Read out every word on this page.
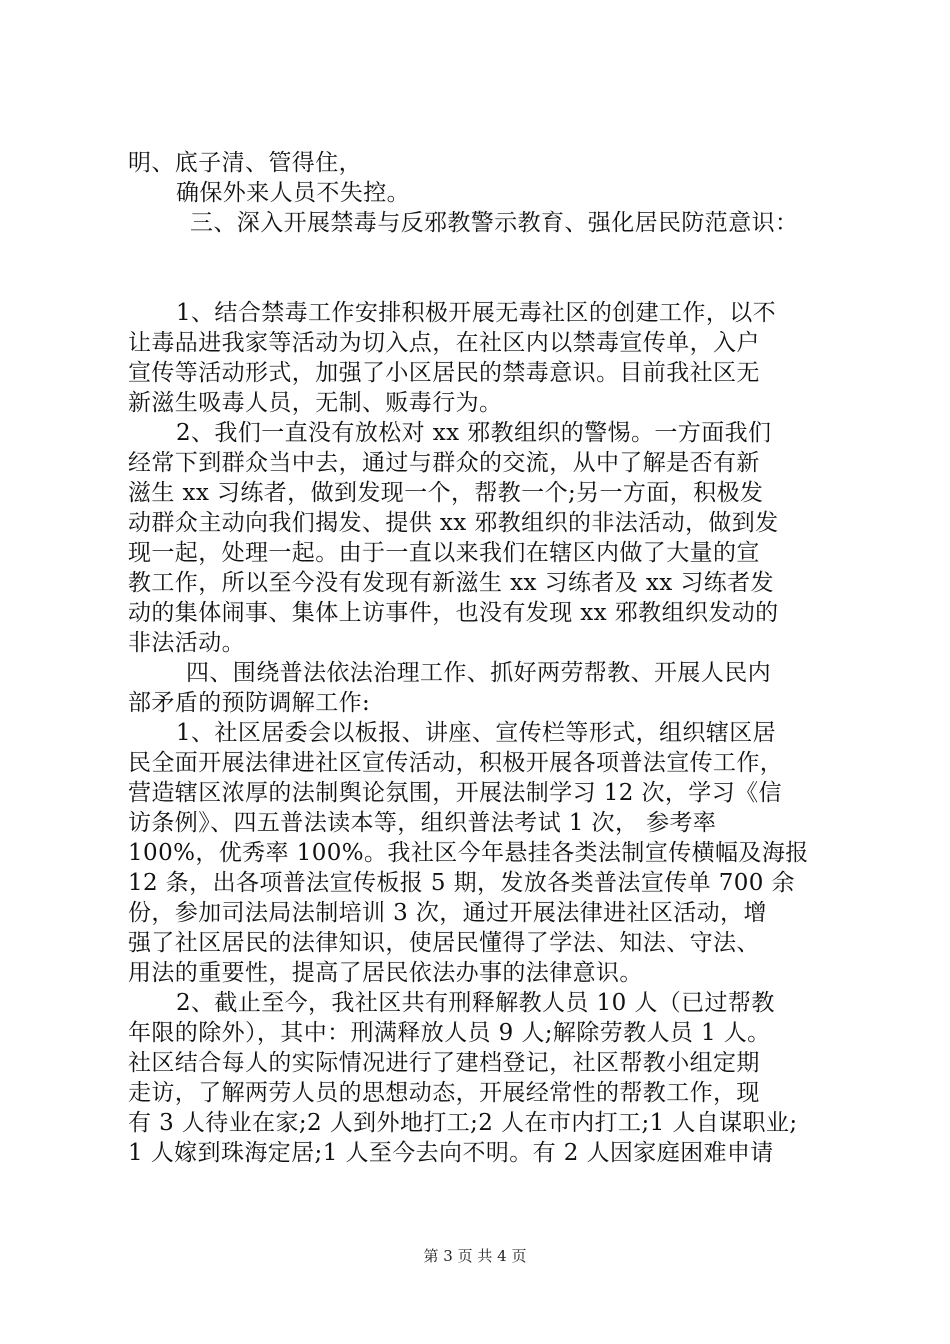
明、底子清、管得住，
确保外来人员不失控。
三、深入开展禁毒与反邪教警示教育、强化居民防范意识：
1、结合禁毒工作安排积极开展无毒社区的创建工作，以不
让毒品进我家等活动为切入点，在社区内以禁毒宣传单，入户
宣传等活动形式，加强了小区居民的禁毒意识。目前我社区无
新滋生吸毒人员，无制、贩毒行为。
2、我们一直没有放松对 xx 邪教组织的警惕。一方面我们
经常下到群众当中去，通过与群众的交流，从中了解是否有新
滋生 xx 习练者，做到发现一个，帮教一个;另一方面，积极发
动群众主动向我们揭发、提供 xx 邪教组织的非法活动，做到发
现一起，处理一起。由于一直以来我们在辖区内做了大量的宣
教工作，所以至今没有发现有新滋生 xx 习练者及 xx 习练者发
动的集体闹事、集体上访事件，也没有发现 xx 邪教组织发动的
非法活动。
四、围绕普法依法治理工作、抓好两劳帮教、开展人民内
部矛盾的预防调解工作:
1、社区居委会以板报、讲座、宣传栏等形式，组织辖区居
民全面开展法律进社区宣传活动，积极开展各项普法宣传工作，
营造辖区浓厚的法制舆论氛围，开展法制学习 12 次，学习《信
访条例》、四五普法读本等，组织普法考试 1 次， 参考率
100%，优秀率 100%。我社区今年悬挂各类法制宣传横幅及海报
12 条，出各项普法宣传板报 5 期，发放各类普法宣传单 700 余
份，参加司法局法制培训 3 次，通过开展法律进社区活动，增
强了社区居民的法律知识，使居民懂得了学法、知法、守法、
用法的重要性，提高了居民依法办事的法律意识。
2、截止至今，我社区共有刑释解教人员 10 人（已过帮教
年限的除外），其中：刑满释放人员 9 人;解除劳教人员 1 人。
社区结合每人的实际情况进行了建档登记，社区帮教小组定期
走访，了解两劳人员的思想动态，开展经常性的帮教工作，现
有 3 人待业在家;2 人到外地打工;2 人在市内打工;1 人自谋职业;
1 人嫁到珠海定居;1 人至今去向不明。有 2 人因家庭困难申请
第 3 页 共 4 页
